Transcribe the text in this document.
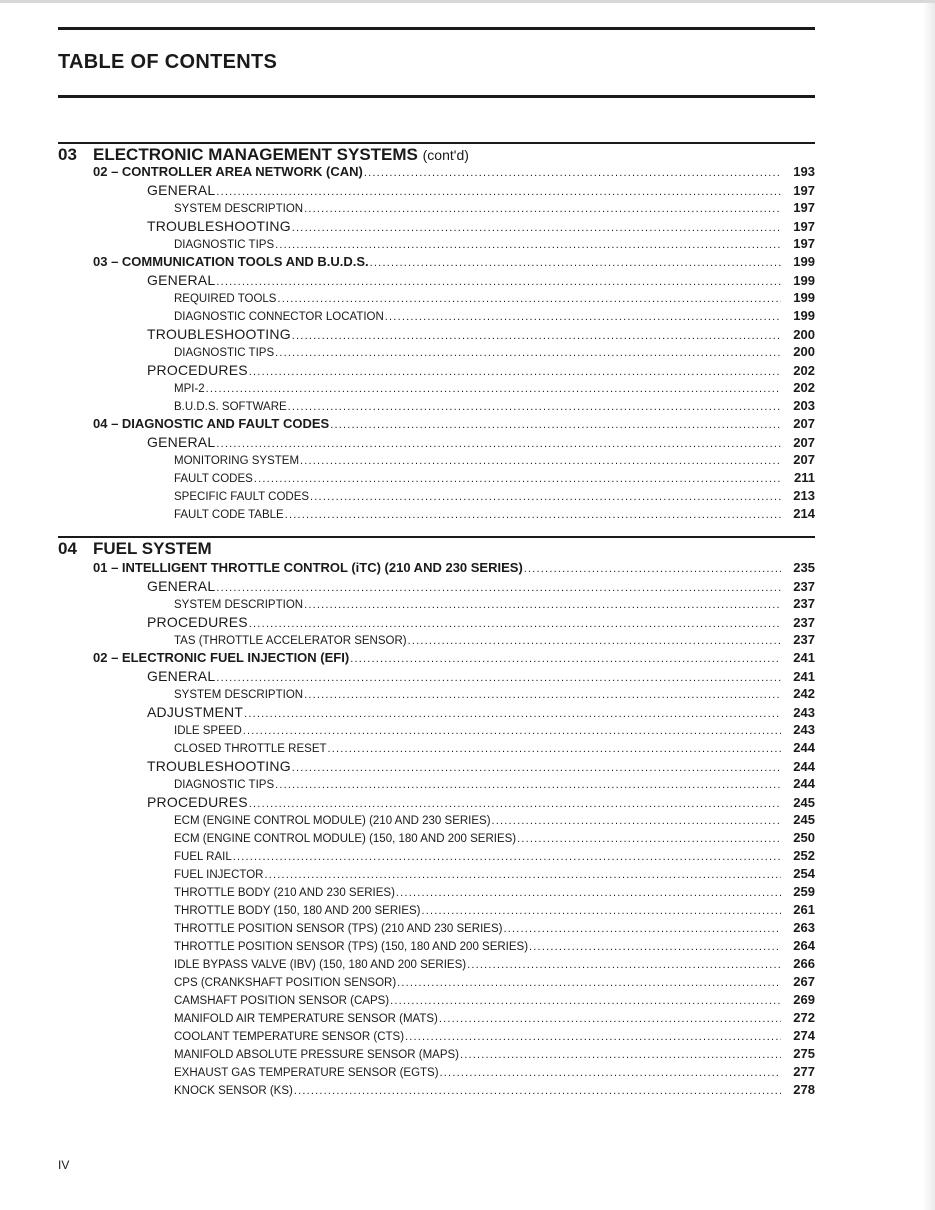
TABLE OF CONTENTS
03 ELECTRONIC MANAGEMENT SYSTEMS (cont'd)
02 – CONTROLLER AREA NETWORK (CAN) .....	193
GENERAL .....	197
SYSTEM DESCRIPTION .....	197
TROUBLESHOOTING .....	197
DIAGNOSTIC TIPS .....	197
03 – COMMUNICATION TOOLS AND B.U.D.S. .....	199
GENERAL .....	199
REQUIRED TOOLS .....	199
DIAGNOSTIC CONNECTOR LOCATION .....	199
TROUBLESHOOTING .....	200
DIAGNOSTIC TIPS .....	200
PROCEDURES .....	202
MPI-2 .....	202
B.U.D.S. SOFTWARE .....	203
04 – DIAGNOSTIC AND FAULT CODES .....	207
GENERAL .....	207
MONITORING SYSTEM .....	207
FAULT CODES .....	211
SPECIFIC FAULT CODES .....	213
FAULT CODE TABLE .....	214
04 FUEL SYSTEM
01 – INTELLIGENT THROTTLE CONTROL (iTC) (210 AND 230 SERIES) .....	235
GENERAL .....	237
SYSTEM DESCRIPTION .....	237
PROCEDURES .....	237
TAS (THROTTLE ACCELERATOR SENSOR) .....	237
02 – ELECTRONIC FUEL INJECTION (EFI) .....	241
GENERAL .....	241
SYSTEM DESCRIPTION .....	242
ADJUSTMENT .....	243
IDLE SPEED .....	243
CLOSED THROTTLE RESET .....	244
TROUBLESHOOTING .....	244
DIAGNOSTIC TIPS .....	244
PROCEDURES .....	245
ECM (ENGINE CONTROL MODULE) (210 AND 230 SERIES) .....	245
ECM (ENGINE CONTROL MODULE) (150, 180 AND 200 SERIES) .....	250
FUEL RAIL .....	252
FUEL INJECTOR .....	254
THROTTLE BODY (210 AND 230 SERIES) .....	259
THROTTLE BODY (150, 180 AND 200 SERIES) .....	261
THROTTLE POSITION SENSOR (TPS) (210 AND 230 SERIES) .....	263
THROTTLE POSITION SENSOR (TPS) (150, 180 AND 200 SERIES) .....	264
IDLE BYPASS VALVE (IBV) (150, 180 AND 200 SERIES) .....	266
CPS (CRANKSHAFT POSITION SENSOR) .....	267
CAMSHAFT POSITION SENSOR (CAPS) .....	269
MANIFOLD AIR TEMPERATURE SENSOR (MATS) .....	272
COOLANT TEMPERATURE SENSOR (CTS) .....	274
MANIFOLD ABSOLUTE PRESSURE SENSOR (MAPS) .....	275
EXHAUST GAS TEMPERATURE SENSOR (EGTS) .....	277
KNOCK SENSOR (KS) .....	278
IV
